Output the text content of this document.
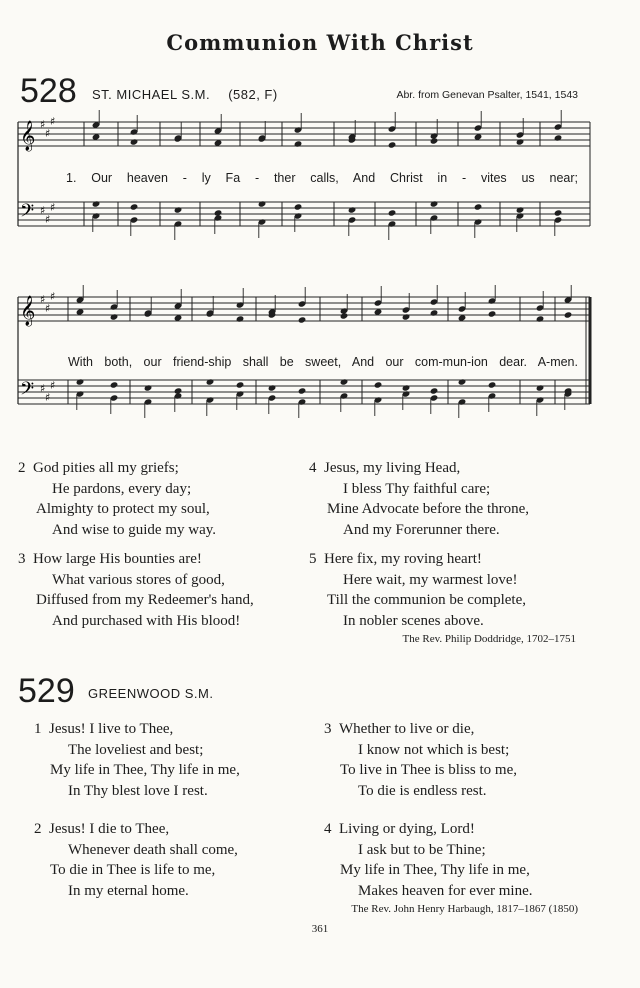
Communion With Christ
528 ST. MICHAEL S.M. (582, F)	Abr. from Genevan Psalter, 1541, 1543
𝄞
𝄢
♯
♯
♯
♯
♯
♯
1. Our heaven - ly Fa - ther calls, And Christ in - vites us near;
𝄞
𝄢
♯
♯
♯
♯
♯
♯
With both, our friend-ship shall be sweet, And our com-mun-ion dear. A-men.
2 God pities all my griefs;
He pardons, every day;
Almighty to protect my soul,
And wise to guide my way.
3 How large His bounties are!
What various stores of good,
Diffused from my Redeemer's hand,
And purchased with His blood!
4 Jesus, my living Head,
I bless Thy faithful care;
Mine Advocate before the throne,
And my Forerunner there.
5 Here fix, my roving heart!
Here wait, my warmest love!
Till the communion be complete,
In nobler scenes above.
The Rev. Philip Doddridge, 1702–1751
529 GREENWOOD S.M.
1 Jesus! I live to Thee,
The loveliest and best;
My life in Thee, Thy life in me,
In Thy blest love I rest.
2 Jesus! I die to Thee,
Whenever death shall come,
To die in Thee is life to me,
In my eternal home.
3 Whether to live or die,
I know not which is best;
To live in Thee is bliss to me,
To die is endless rest.
4 Living or dying, Lord!
I ask but to be Thine;
My life in Thee, Thy life in me,
Makes heaven for ever mine.
The Rev. John Henry Harbaugh, 1817–1867 (1850)
361
